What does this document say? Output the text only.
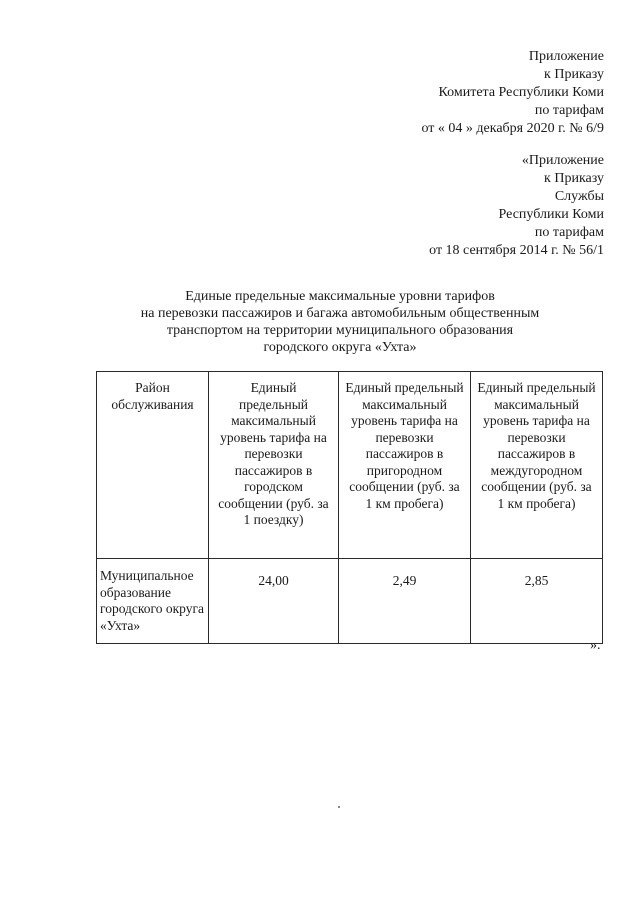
Приложение
к Приказу
Комитета Республики Коми
по тарифам
от « 04 » декабря 2020 г. № 6/9
«Приложение
к Приказу
Службы
Республики Коми
по тарифам
от 18 сентября 2014 г. № 56/1
Единые предельные максимальные уровни тарифов
на перевозки пассажиров и багажа автомобильным общественным
транспортом на территории муниципального образования
городского округа «Ухта»
Район обслуживания	Единый предельный максимальный уровень тарифа на перевозки пассажиров в городском сообщении (руб. за 1 поездку)	Единый предельный максимальный уровень тарифа на перевозки пассажиров в пригородном сообщении (руб. за 1 км пробега)	Единый предельный максимальный уровень тарифа на перевозки пассажиров в междугородном сообщении (руб. за 1 км пробега)
Муниципальное образование городского округа «Ухта»	24,00	2,49	2,85
».
